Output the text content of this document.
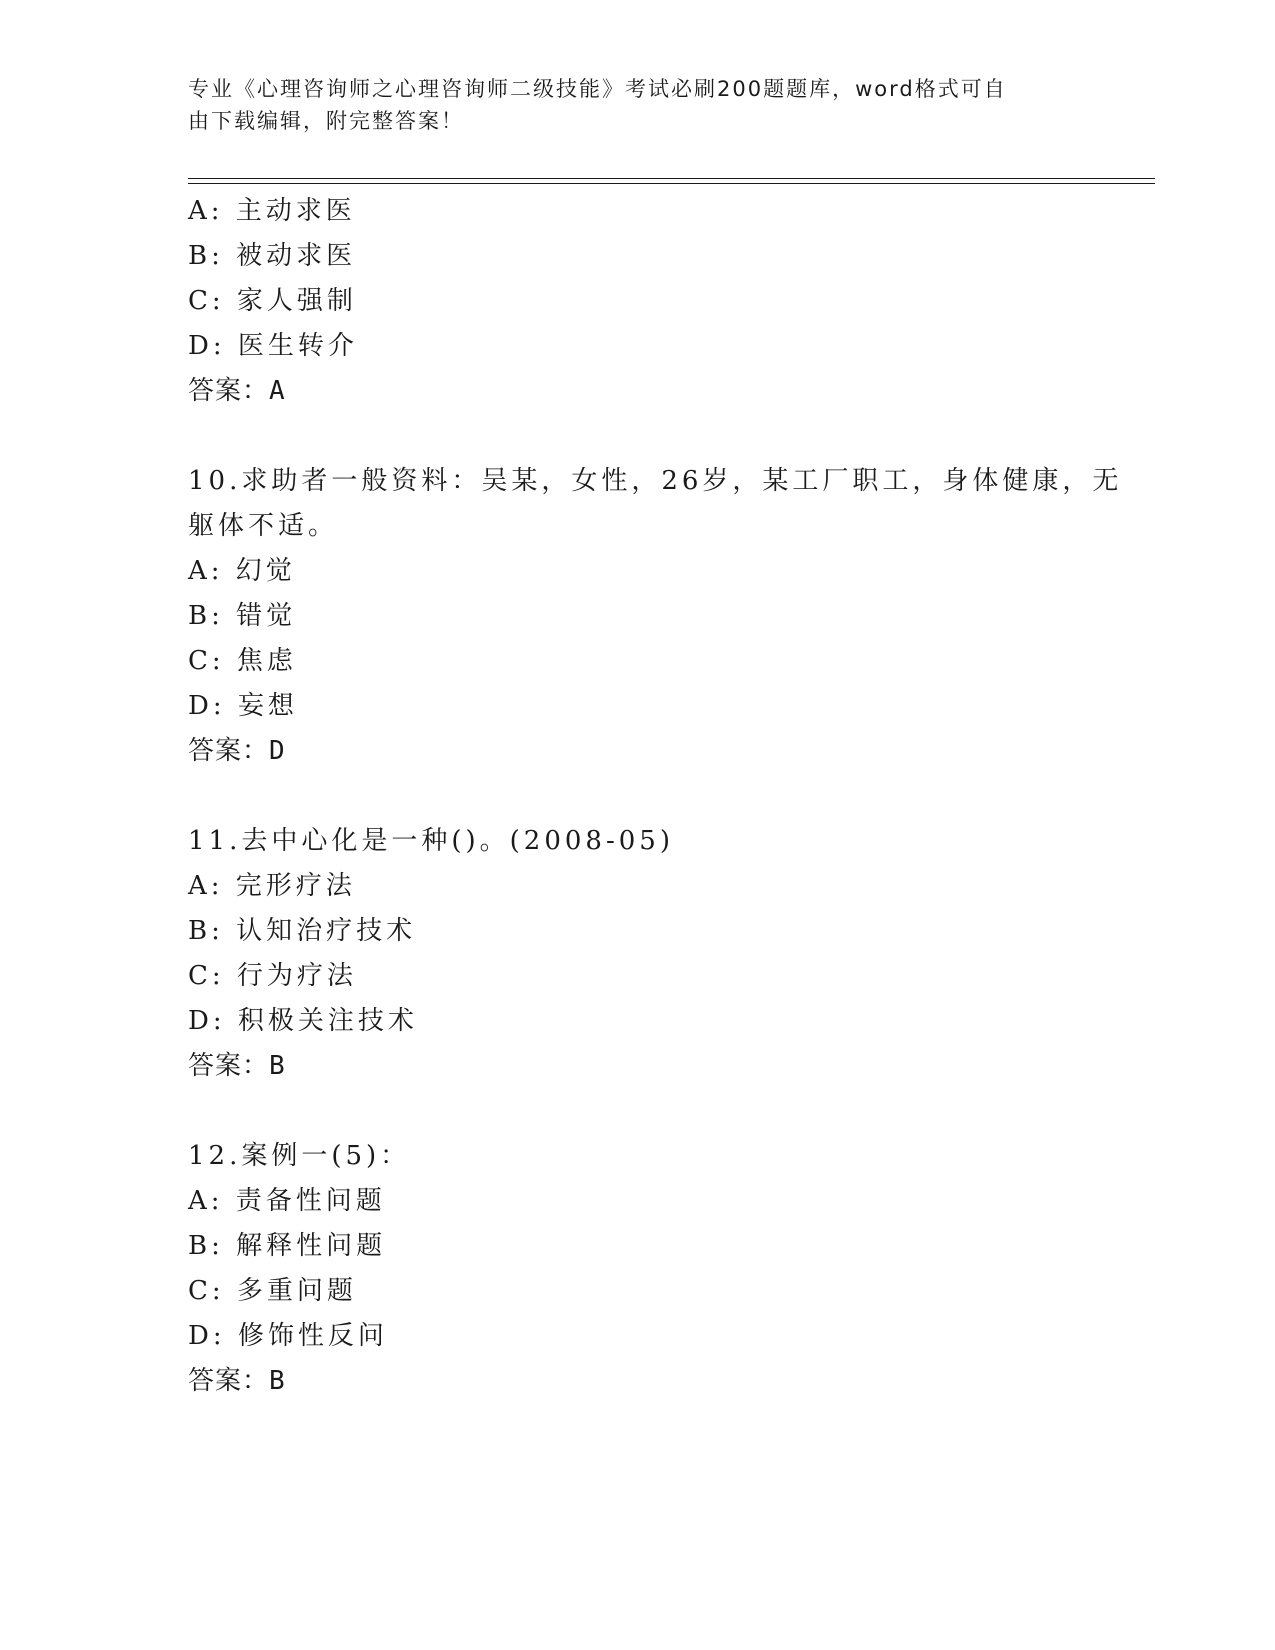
专业《心理咨询师之心理咨询师二级技能》考试必刷200题题库，word格式可自
由下载编辑，附完整答案！
A: 主动求医
B: 被动求医
C: 家人强制
D: 医生转介
答案：A
10.求助者一般资料：吴某，女性，26岁，某工厂职工，身体健康，无
躯体不适。
A: 幻觉
B: 错觉
C: 焦虑
D: 妄想
答案：D
11.去中心化是一种()。(2008-05)
A: 完形疗法
B: 认知治疗技术
C: 行为疗法
D: 积极关注技术
答案：B
12.案例一(5)：
A: 责备性问题
B: 解释性问题
C: 多重问题
D: 修饰性反问
答案：B
